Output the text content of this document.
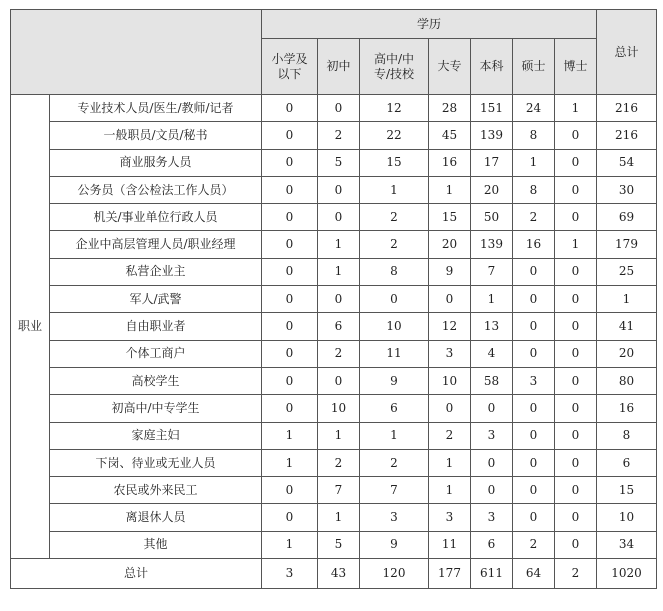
		学历							总计
		小学及以下	初中	高中/中专/技校	大专	本科	硕士	博士	
职业	专业技术人员/医生/教师/记者	0	0	12	28	151	24	1	216
	一般职员/文员/秘书	0	2	22	45	139	8	0	216
	商业服务人员	0	5	15	16	17	1	0	54
	公务员（含公检法工作人员）	0	0	1	1	20	8	0	30
	机关/事业单位行政人员	0	0	2	15	50	2	0	69
	企业中高层管理人员/职业经理	0	1	2	20	139	16	1	179
	私营企业主	0	1	8	9	7	0	0	25
	军人/武警	0	0	0	0	1	0	0	1
	自由职业者	0	6	10	12	13	0	0	41
	个体工商户	0	2	11	3	4	0	0	20
	高校学生	0	0	9	10	58	3	0	80
	初高中/中专学生	0	10	6	0	0	0	0	16
	家庭主妇	1	1	1	2	3	0	0	8
	下岗、待业或无业人员	1	2	2	1	0	0	0	6
	农民或外来民工	0	7	7	1	0	0	0	15
	离退休人员	0	1	3	3	3	0	0	10
	其他	1	5	9	11	6	2	0	34
总计		3	43	120	177	611	64	2	1020
